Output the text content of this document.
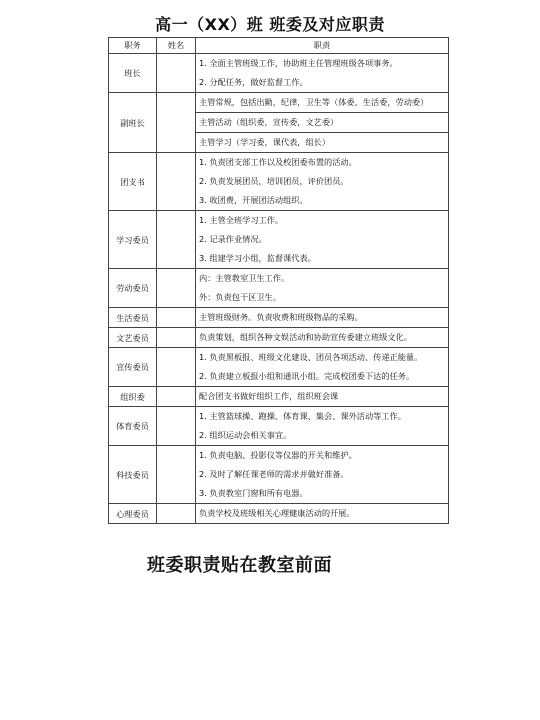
高一（XX）班 班委及对应职责
职务	姓名	职责
班长		1. 全面主管班级工作，协助班主任管理班级各项事务。
2. 分配任务，做好监督工作。

副班长		主管常规，包括出勤，纪律，卫生等（体委，生活委，劳动委）

		主管活动（组织委，宣传委，文艺委）

		主管学习（学习委，课代表，组长）

团支书		1. 负责团支部工作以及校团委布置的活动。
2. 负责发展团员，培训团员，评价团员。
3. 收团费，开展团活动组织。

学习委员		1. 主管全班学习工作。
2. 记录作业情况。
3. 组建学习小组，监督课代表。

劳动委员		内：主管教室卫生工作。
外：负责包干区卫生。

生活委员		主管班级财务。负责收费和班级物品的采购。

文艺委员		负责策划，组织各种文娱活动和协助宣传委建立班级文化。

宣传委员		1. 负责黑板报、班级文化建设、团员各项活动、传递正能量。
2. 负责建立板报小组和通讯小组。完成校团委下达的任务。

组织委		配合团支书做好组织工作，组织班会课

体育委员		1. 主管篮球操、跑操、体育课、集会、课外活动等工作。
2. 组织运动会相关事宜。

科技委员		1. 负责电脑、投影仪等仪器的开关和维护。
2. 及时了解任课老师的需求并做好准备。
3. 负责教室门窗和所有电器。

心理委员		负责学校及班级相关心理健康活动的开展。
班委职责贴在教室前面
